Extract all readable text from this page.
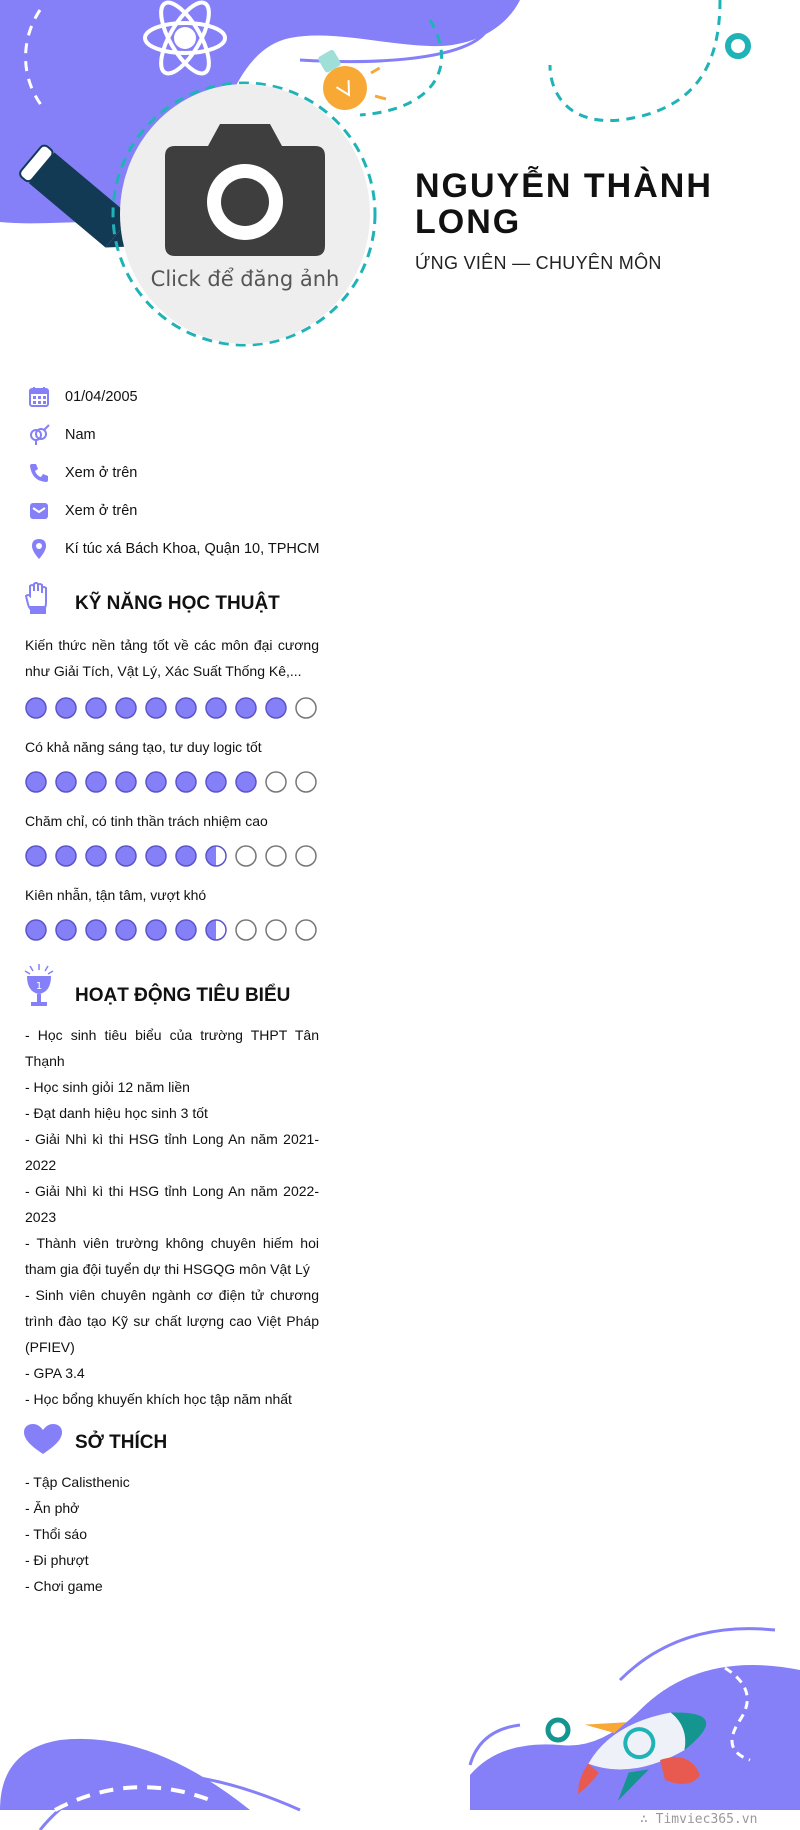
Click để đăng ảnh
NGUYỄN THÀNH LONG
ỨNG VIÊN — CHUYÊN MÔN
01/04/2005
Nam
Xem ở trên
Xem ở trên
Kí túc xá Bách Khoa, Quận 10, TPHCM
KỸ NĂNG HỌC THUẬT
Kiến thức nền tảng tốt về các môn đại cương như Giải Tích, Vật Lý, Xác Suất Thống Kê,...
Có khả năng sáng tạo, tư duy logic tốt
Chăm chỉ, có tinh thần trách nhiệm cao
Kiên nhẫn, tận tâm, vượt khó
1 HOẠT ĐỘNG TIÊU BIỂU
- Học sinh tiêu biểu của trường THPT Tân Thạnh
- Học sinh giỏi 12 năm liền
- Đạt danh hiệu học sinh 3 tốt
- Giải Nhì kì thi HSG tỉnh Long An năm 2021-2022
- Giải Nhì kì thi HSG tỉnh Long An năm 2022-2023
- Thành viên trường không chuyên hiếm hoi tham gia đội tuyển dự thi HSGQG môn Vật Lý
- Sinh viên chuyên ngành cơ điện tử chương trình đào tạo Kỹ sư chất lượng cao Việt Pháp (PFIEV)
- GPA 3.4
- Học bổng khuyến khích học tập năm nhất
SỞ THÍCH
- Tập Calisthenic
- Ăn phở
- Thổi sáo
- Đi phượt
- Chơi game
∴ Timviec365.vn
